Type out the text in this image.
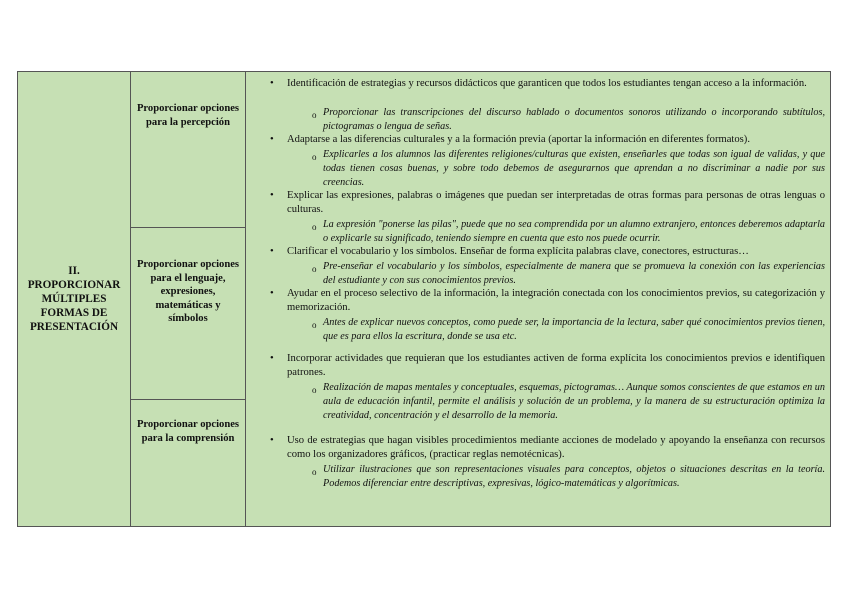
II. PROPORCIONAR MÚLTIPLES FORMAS DE PRESENTACIÓN
Proporcionar opciones para la percepción
Proporcionar opciones para el lenguaje, expresiones, matemáticas y símbolos
Proporcionar opciones para la comprensión
• Identificación de estrategias y recursos didácticos que garanticen que todos los estudiantes tengan acceso a la información.
o Proporcionar las transcripciones del discurso hablado o documentos sonoros utilizando o incorporando subtítulos, pictogramas o lengua de señas.
• Adaptarse a las diferencias culturales y a la formación previa (aportar la información en diferentes formatos).
o Explicarles a los alumnos las diferentes religiones/culturas que existen, enseñarles que todas son igual de validas, y que todas tienen cosas buenas, y sobre todo debemos de asegurarnos que aprendan a no discriminar a nadie por sus creencias.
• Explicar las expresiones, palabras o imágenes que puedan ser interpretadas de otras formas para personas de otras lenguas o culturas.
o La expresión "ponerse las pilas", puede que no sea comprendida por un alumno extranjero, entonces deberemos adaptarla o explicarle su significado, teniendo siempre en cuenta que esto nos puede ocurrir.
• Clarificar el vocabulario y los símbolos. Enseñar de forma explícita palabras clave, conectores, estructuras…
o Pre-enseñar el vocabulario y los símbolos, especialmente de manera que se promueva la conexión con las experiencias del estudiante y con sus conocimientos previos.
• Ayudar en el proceso selectivo de la información, la integración conectada con los conocimientos previos, su categorización y memorización.
o Antes de explicar nuevos conceptos, como puede ser, la importancia de la lectura, saber qué conocimientos previos tienen, que es para ellos la escritura, donde se usa etc.
• Incorporar actividades que requieran que los estudiantes activen de forma explícita los conocimientos previos e identifiquen patrones.
o Realización de mapas mentales y conceptuales, esquemas, pictogramas… Aunque somos conscientes de que estamos en un aula de educación infantil, permite el análisis y solución de un problema, y la manera de su estructuración optimiza la creatividad, concentración y el desarrollo de la memoria.
• Uso de estrategias que hagan visibles procedimientos mediante acciones de modelado y apoyando la enseñanza con recursos como los organizadores gráficos, (practicar reglas nemotécnicas).
o Utilizar ilustraciones que son representaciones visuales para conceptos, objetos o situaciones descritas en la teoría. Podemos diferenciar entre descriptivas, expresivas, lógico-matemáticas y algorítmicas.
